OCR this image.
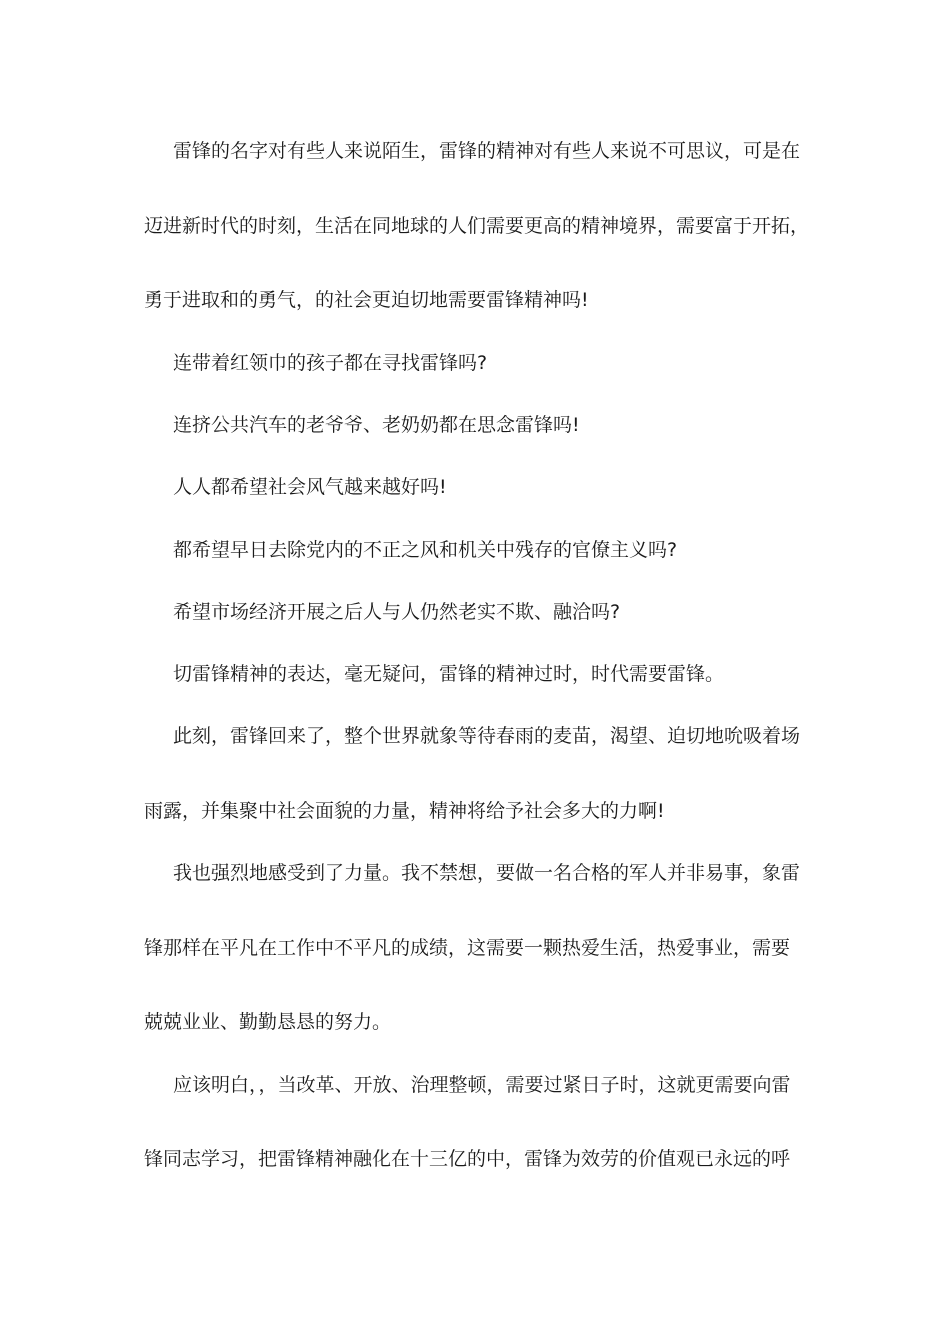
雷锋的名字对有些人来说陌生，雷锋的精神对有些人来说不可思议，可是在

迈进新时代的时刻，生活在同地球的人们需要更高的精神境界，需要富于开拓，

勇于进取和的勇气，的社会更迫切地需要雷锋精神吗!

连带着红领巾的孩子都在寻找雷锋吗?

连挤公共汽车的老爷爷、老奶奶都在思念雷锋吗!

人人都希望社会风气越来越好吗!

都希望早日去除党内的不正之风和机关中残存的官僚主义吗?

希望市场经济开展之后人与人仍然老实不欺、融洽吗?

切雷锋精神的表达，毫无疑问，雷锋的精神过时，时代需要雷锋。

此刻，雷锋回来了，整个世界就象等待春雨的麦苗，渴望、迫切地吮吸着场

雨露，并集聚中社会面貌的力量，精神将给予社会多大的力啊!

我也强烈地感受到了力量。我不禁想，要做一名合格的军人并非易事，象雷

锋那样在平凡在工作中不平凡的成绩，这需要一颗热爱生活，热爱事业，需要

兢兢业业、勤勤恳恳的努力。

应该明白，，当改革、开放、治理整顿，需要过紧日子时，这就更需要向雷

锋同志学习，把雷锋精神融化在十三亿的中，雷锋为效劳的价值观已永远的呼
